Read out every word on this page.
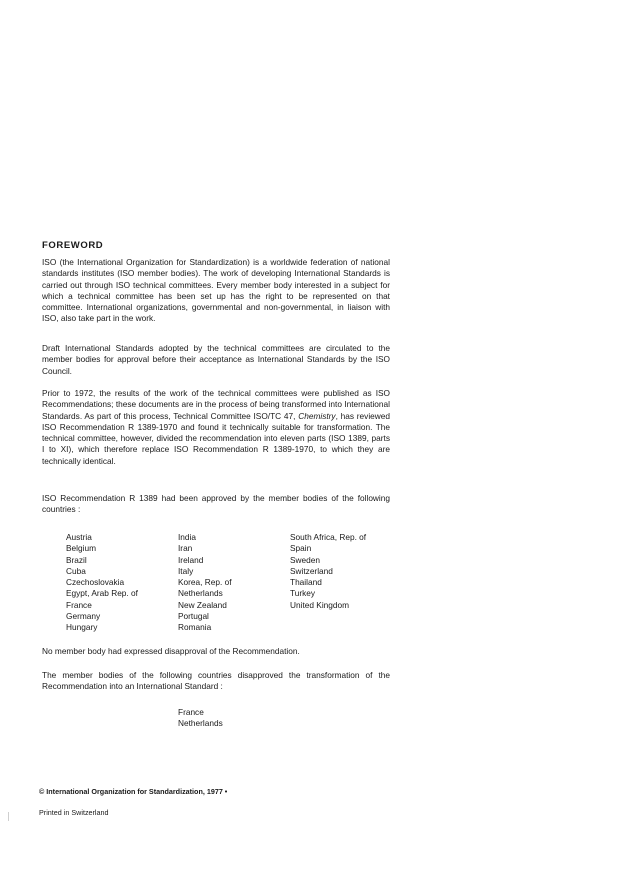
FOREWORD

ISO (the International Organization for Standardization) is a worldwide federation of national standards institutes (ISO member bodies). The work of developing International Standards is carried out through ISO technical committees. Every member body interested in a subject for which a technical committee has been set up has the right to be represented on that committee. International organizations, governmental and non-governmental, in liaison with ISO, also take part in the work.

Draft International Standards adopted by the technical committees are circulated to the member bodies for approval before their acceptance as International Standards by the ISO Council.

Prior to 1972, the results of the work of the technical committees were published as ISO Recommendations; these documents are in the process of being transformed into International Standards. As part of this process, Technical Committee ISO/TC 47, Chemistry, has reviewed ISO Recommendation R 1389-1970 and found it technically suitable for transformation. The technical committee, however, divided the recommendation into eleven parts (ISO 1389, parts I to XI), which therefore replace ISO Recommendation R 1389-1970, to which they are technically identical.

ISO Recommendation R 1389 had been approved by the member bodies of the following countries :

Austria
Belgium
Brazil
Cuba
Czechoslovakia
Egypt, Arab Rep. of
France
Germany
Hungary
India
Iran
Ireland
Italy
Korea, Rep. of
Netherlands
New Zealand
Portugal
Romania
South Africa, Rep. of
Spain
Sweden
Switzerland
Thailand
Turkey
United Kingdom

No member body had expressed disapproval of the Recommendation.

The member bodies of the following countries disapproved the transformation of the Recommendation into an International Standard :

France
Netherlands
© International Organization for Standardization, 1977 •
Printed in Switzerland
